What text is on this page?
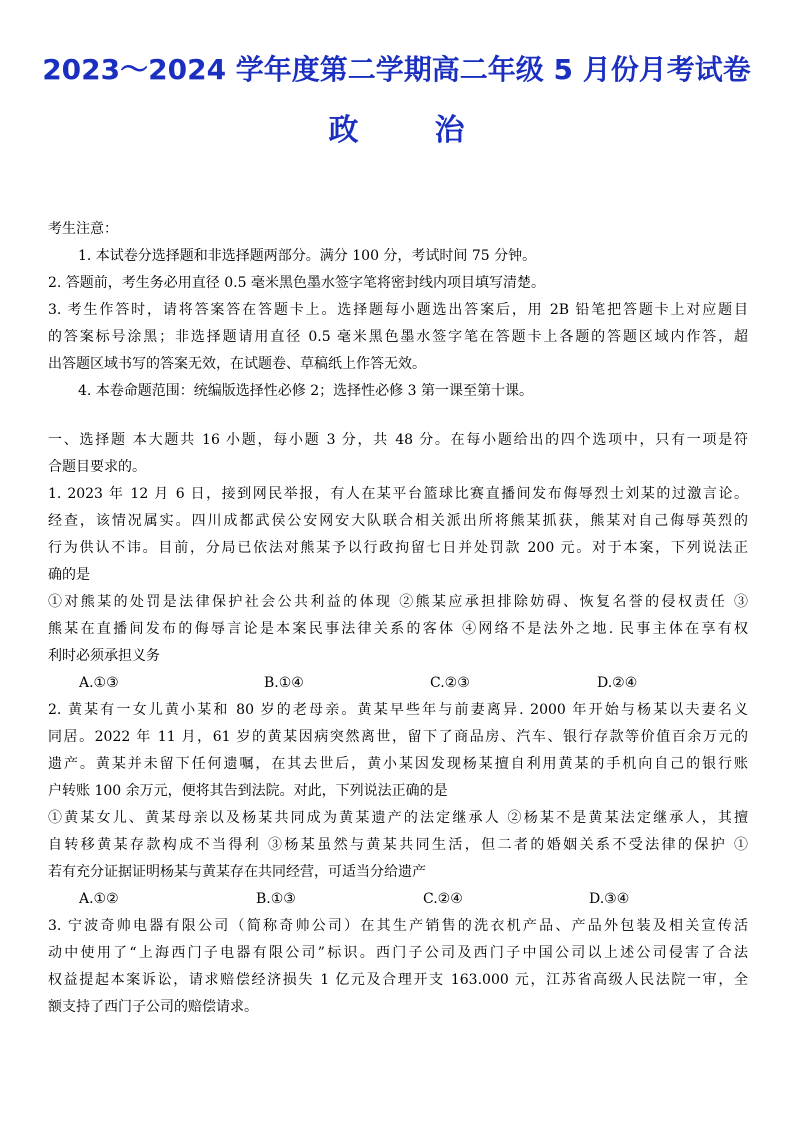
2023～2024 学年度第二学期高二年级 5 月份月考试卷
政	治
考生注意：
1. 本试卷分选择题和非选择题两部分。满分 100 分，考试时间 75 分钟。
2. 答题前，考生务必用直径 0.5 毫米黑色墨水签字笔将密封线内项目填写清楚。
3. 考生作答时，请将答案答在答题卡上。选择题每小题选出答案后，用 2B 铅笔把答题卡上对应题目
的答案标号涂黑；非选择题请用直径 0.5 毫米黑色墨水签字笔在答题卡上各题的答题区域内作答，超
出答题区域书写的答案无效，在试题卷、草稿纸上作答无效。
4. 本卷命题范围：统编版选择性必修 2；选择性必修 3 第一课至第十课。
一、选择题 本大题共 16 小题，每小题 3 分，共 48 分。在每小题给出的四个选项中，只有一项是符
合题目要求的。
1. 2023 年 12 月 6 日，接到网民举报，有人在某平台篮球比赛直播间发布侮辱烈士刘某的过激言论。
经查，该情况属实。四川成都武侯公安网安大队联合相关派出所将熊某抓获，熊某对自己侮辱英烈的
行为供认不讳。目前，分局已依法对熊某予以行政拘留七日并处罚款 200 元。对于本案，下列说法正
确的是
①对熊某的处罚是法律保护社会公共利益的体现 ②熊某应承担排除妨碍、恢复名誉的侵权责任 ③
熊某在直播间发布的侮辱言论是本案民事法律关系的客体 ④网络不是法外之地. 民事主体在享有权
利时必须承担义务
A.①③	B.①④	C.②③	D.②④
2. 黄某有一女儿黄小某和 80 岁的老母亲。黄某早些年与前妻离异. 2000 年开始与杨某以夫妻名义
同居。2022 年 11 月，61 岁的黄某因病突然离世，留下了商品房、汽车、银行存款等价值百余万元的
遗产。黄某并未留下任何遗嘱，在其去世后，黄小某因发现杨某擅自利用黄某的手机向自己的银行账
户转账 100 余万元，便将其告到法院。对此，下列说法正确的是
①黄某女儿、黄某母亲以及杨某共同成为黄某遗产的法定继承人 ②杨某不是黄某法定继承人，其擅
自转移黄某存款构成不当得利 ③杨某虽然与黄某共同生活，但二者的婚姻关系不受法律的保护 ①
若有充分证据证明杨某与黄某存在共同经营，可适当分给遗产
A.①②	B.①③	C.②④	D.③④
3. 宁波奇帅电器有限公司（简称奇帅公司）在其生产销售的洗衣机产品、产品外包装及相关宣传活
动中使用了“上海西门子电器有限公司”标识。西门子公司及西门子中国公司以上述公司侵害了合法
权益提起本案诉讼，请求赔偿经济损失 1 亿元及合理开支 163.000 元，江苏省高级人民法院一审，全
额支持了西门子公司的赔偿请求。
